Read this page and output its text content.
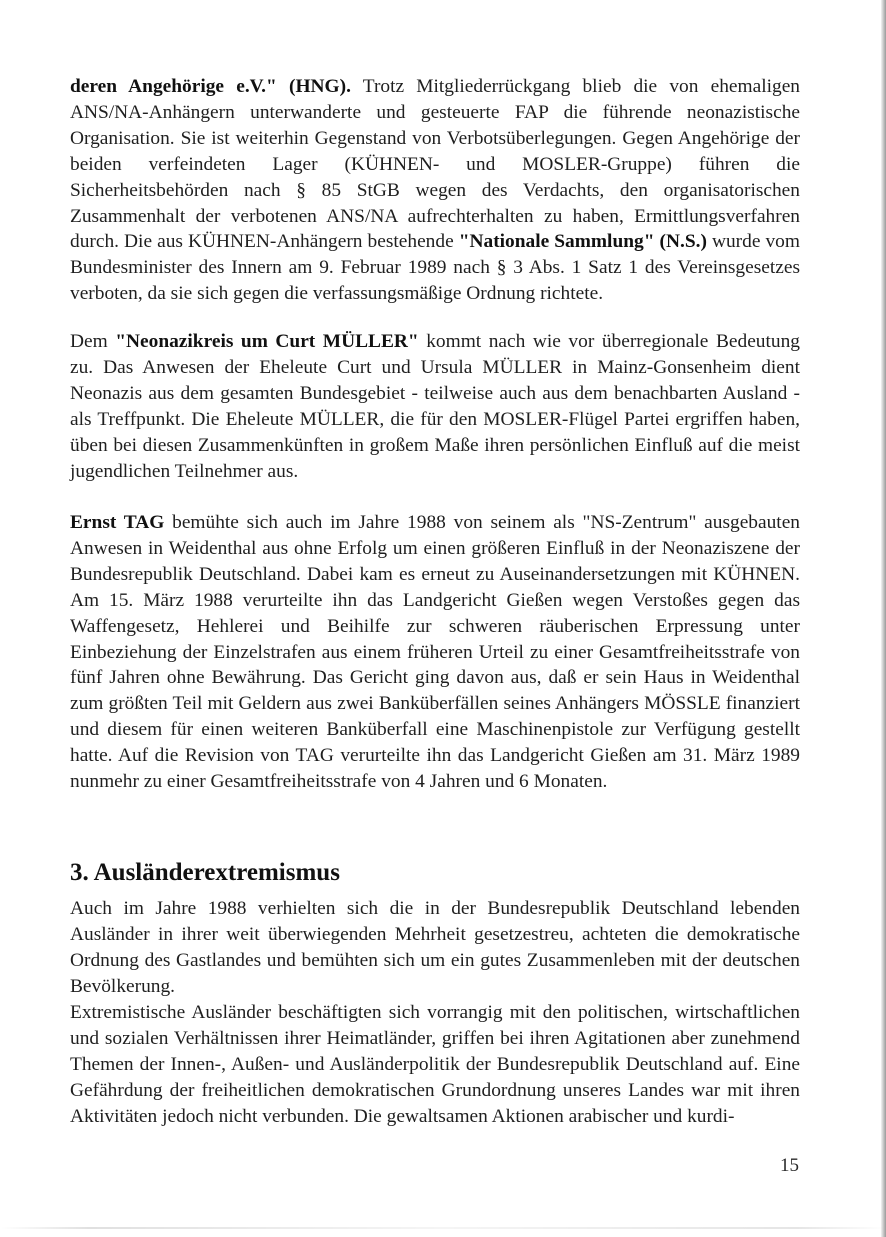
deren Angehörige e.V." (HNG). Trotz Mitgliederrückgang blieb die von ehemaligen ANS/NA-Anhängern unterwanderte und gesteuerte FAP die führende neonazistische Organisation. Sie ist weiterhin Gegenstand von Verbotsüberlegungen. Gegen Angehörige der beiden verfeindeten Lager (KÜHNEN- und MOSLER-Gruppe) führen die Sicherheitsbehörden nach § 85 StGB wegen des Verdachts, den organisatorischen Zusammenhalt der verbotenen ANS/NA aufrechterhalten zu haben, Ermittlungsverfahren durch. Die aus KÜHNEN-Anhängern bestehende "Nationale Sammlung" (N.S.) wurde vom Bundesminister des Innern am 9. Februar 1989 nach § 3 Abs. 1 Satz 1 des Vereinsgesetzes verboten, da sie sich gegen die verfassungsmäßige Ordnung richtete.

Dem "Neonazikreis um Curt MÜLLER" kommt nach wie vor überregionale Bedeutung zu. Das Anwesen der Eheleute Curt und Ursula MÜLLER in Mainz-Gonsenheim dient Neonazis aus dem gesamten Bundesgebiet - teilweise auch aus dem benachbarten Ausland - als Treffpunkt. Die Eheleute MÜLLER, die für den MOSLER-Flügel Partei ergriffen haben, üben bei diesen Zusammenkünften in großem Maße ihren persönlichen Einfluß auf die meist jugendlichen Teilnehmer aus.

Ernst TAG bemühte sich auch im Jahre 1988 von seinem als "NS-Zentrum" ausgebauten Anwesen in Weidenthal aus ohne Erfolg um einen größeren Einfluß in der Neonaziszene der Bundesrepublik Deutschland. Dabei kam es erneut zu Auseinandersetzungen mit KÜHNEN. Am 15. März 1988 verurteilte ihn das Landgericht Gießen wegen Verstoßes gegen das Waffengesetz, Hehlerei und Beihilfe zur schweren räuberischen Erpressung unter Einbeziehung der Einzelstrafen aus einem früheren Urteil zu einer Gesamtfreiheitsstrafe von fünf Jahren ohne Bewährung. Das Gericht ging davon aus, daß er sein Haus in Weidenthal zum größten Teil mit Geldern aus zwei Banküberfällen seines Anhängers MÖSSLE finanziert und diesem für einen weiteren Banküberfall eine Maschinenpistole zur Verfügung gestellt hatte. Auf die Revision von TAG verurteilte ihn das Landgericht Gießen am 31. März 1989 nunmehr zu einer Gesamtfreiheitsstrafe von 4 Jahren und 6 Monaten.

3. Ausländerextremismus

Auch im Jahre 1988 verhielten sich die in der Bundesrepublik Deutschland lebenden Ausländer in ihrer weit überwiegenden Mehrheit gesetzestreu, achteten die demokratische Ordnung des Gastlandes und bemühten sich um ein gutes Zusammenleben mit der deutschen Bevölkerung.

Extremistische Ausländer beschäftigten sich vorrangig mit den politischen, wirtschaftlichen und sozialen Verhältnissen ihrer Heimatländer, griffen bei ihren Agitationen aber zunehmend Themen der Innen-, Außen- und Ausländerpolitik der Bundesrepublik Deutschland auf. Eine Gefährdung der freiheitlichen demokratischen Grundordnung unseres Landes war mit ihren Aktivitäten jedoch nicht verbunden. Die gewaltsamen Aktionen arabischer und kurdi-

15
